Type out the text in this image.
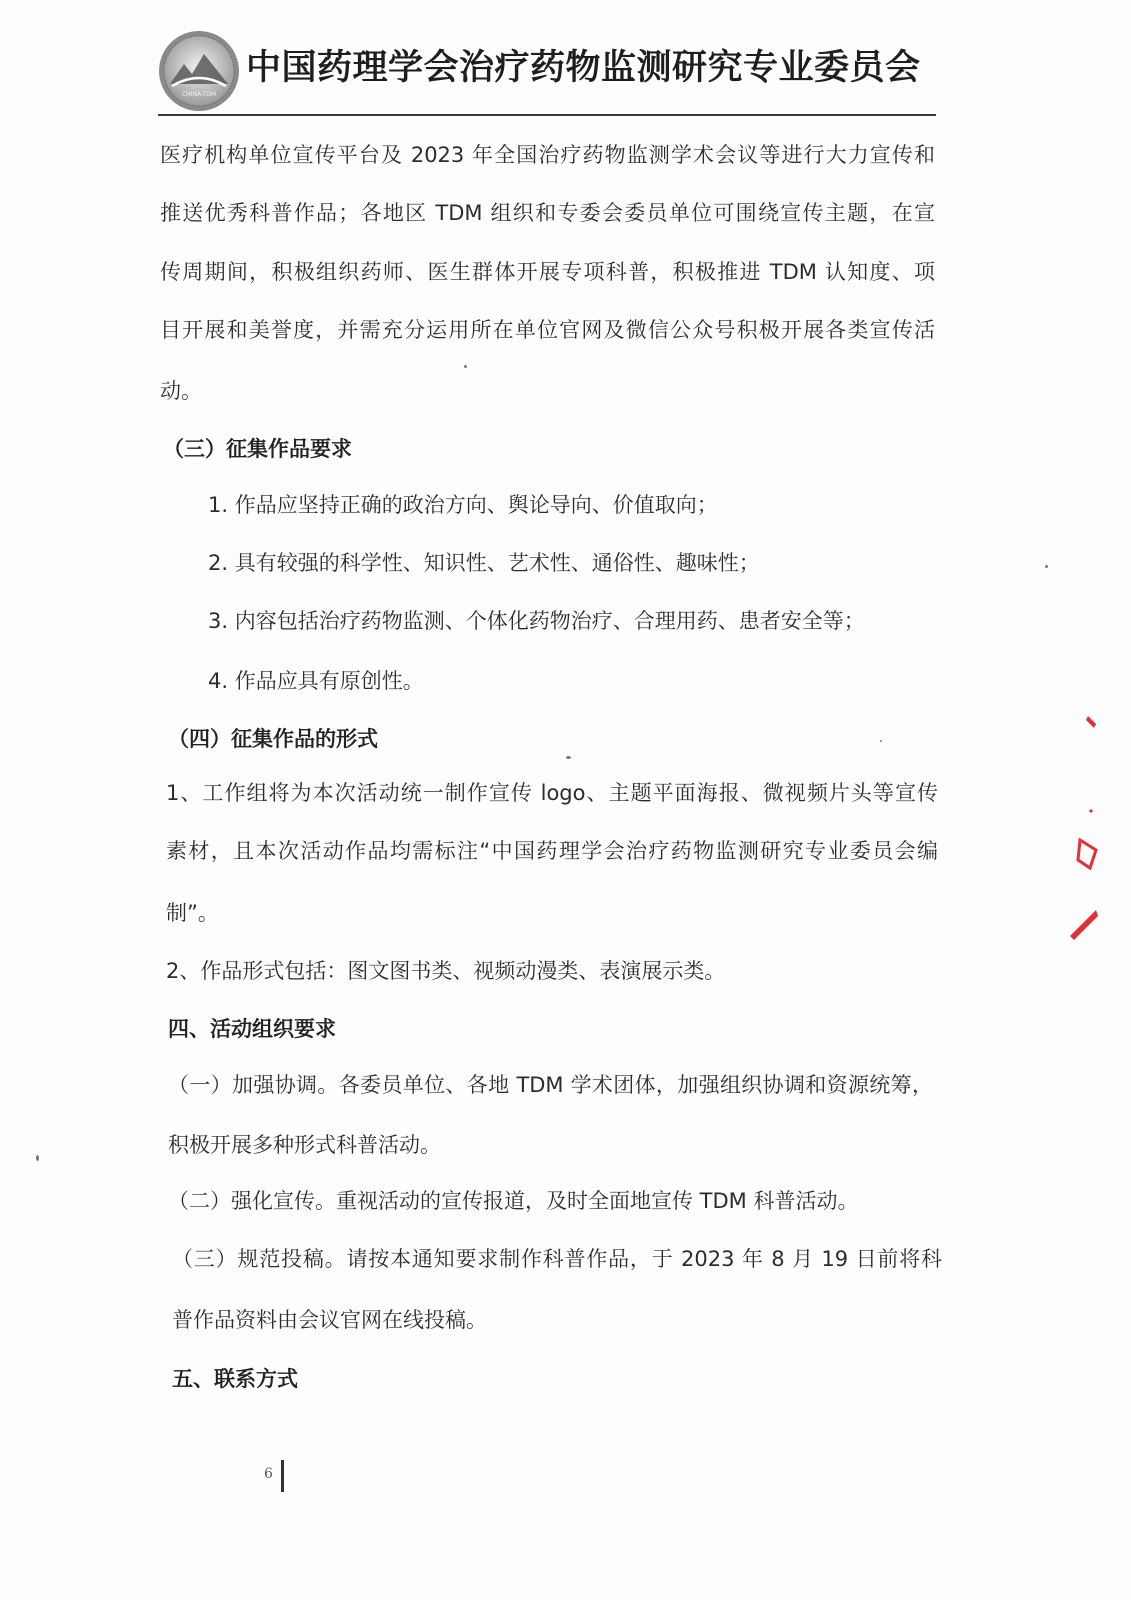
CHINA-TDM
中国药理学会治疗药物监测研究专业委员会
医疗机构单位宣传平台及 2023 年全国治疗药物监测学术会议等进行大力宣传和
推送优秀科普作品；各地区 TDM 组织和专委会委员单位可围绕宣传主题，在宣
传周期间，积极组织药师、医生群体开展专项科普，积极推进 TDM 认知度、项
目开展和美誉度，并需充分运用所在单位官网及微信公众号积极开展各类宣传活
动。
（三）征集作品要求
1. 作品应坚持正确的政治方向、舆论导向、价值取向；
2. 具有较强的科学性、知识性、艺术性、通俗性、趣味性；
3. 内容包括治疗药物监测、个体化药物治疗、合理用药、患者安全等；
4. 作品应具有原创性。
（四）征集作品的形式
1、工作组将为本次活动统一制作宣传 logo、主题平面海报、微视频片头等宣传
素材，且本次活动作品均需标注“中国药理学会治疗药物监测研究专业委员会编
制”。
2、作品形式包括：图文图书类、视频动漫类、表演展示类。
四、活动组织要求
（一）加强协调。各委员单位、各地 TDM 学术团体，加强组织协调和资源统筹，
积极开展多种形式科普活动。
（二）强化宣传。重视活动的宣传报道，及时全面地宣传 TDM 科普活动。
（三）规范投稿。请按本通知要求制作科普作品，于 2023 年 8 月 19 日前将科
普作品资料由会议官网在线投稿。
五、联系方式
6
